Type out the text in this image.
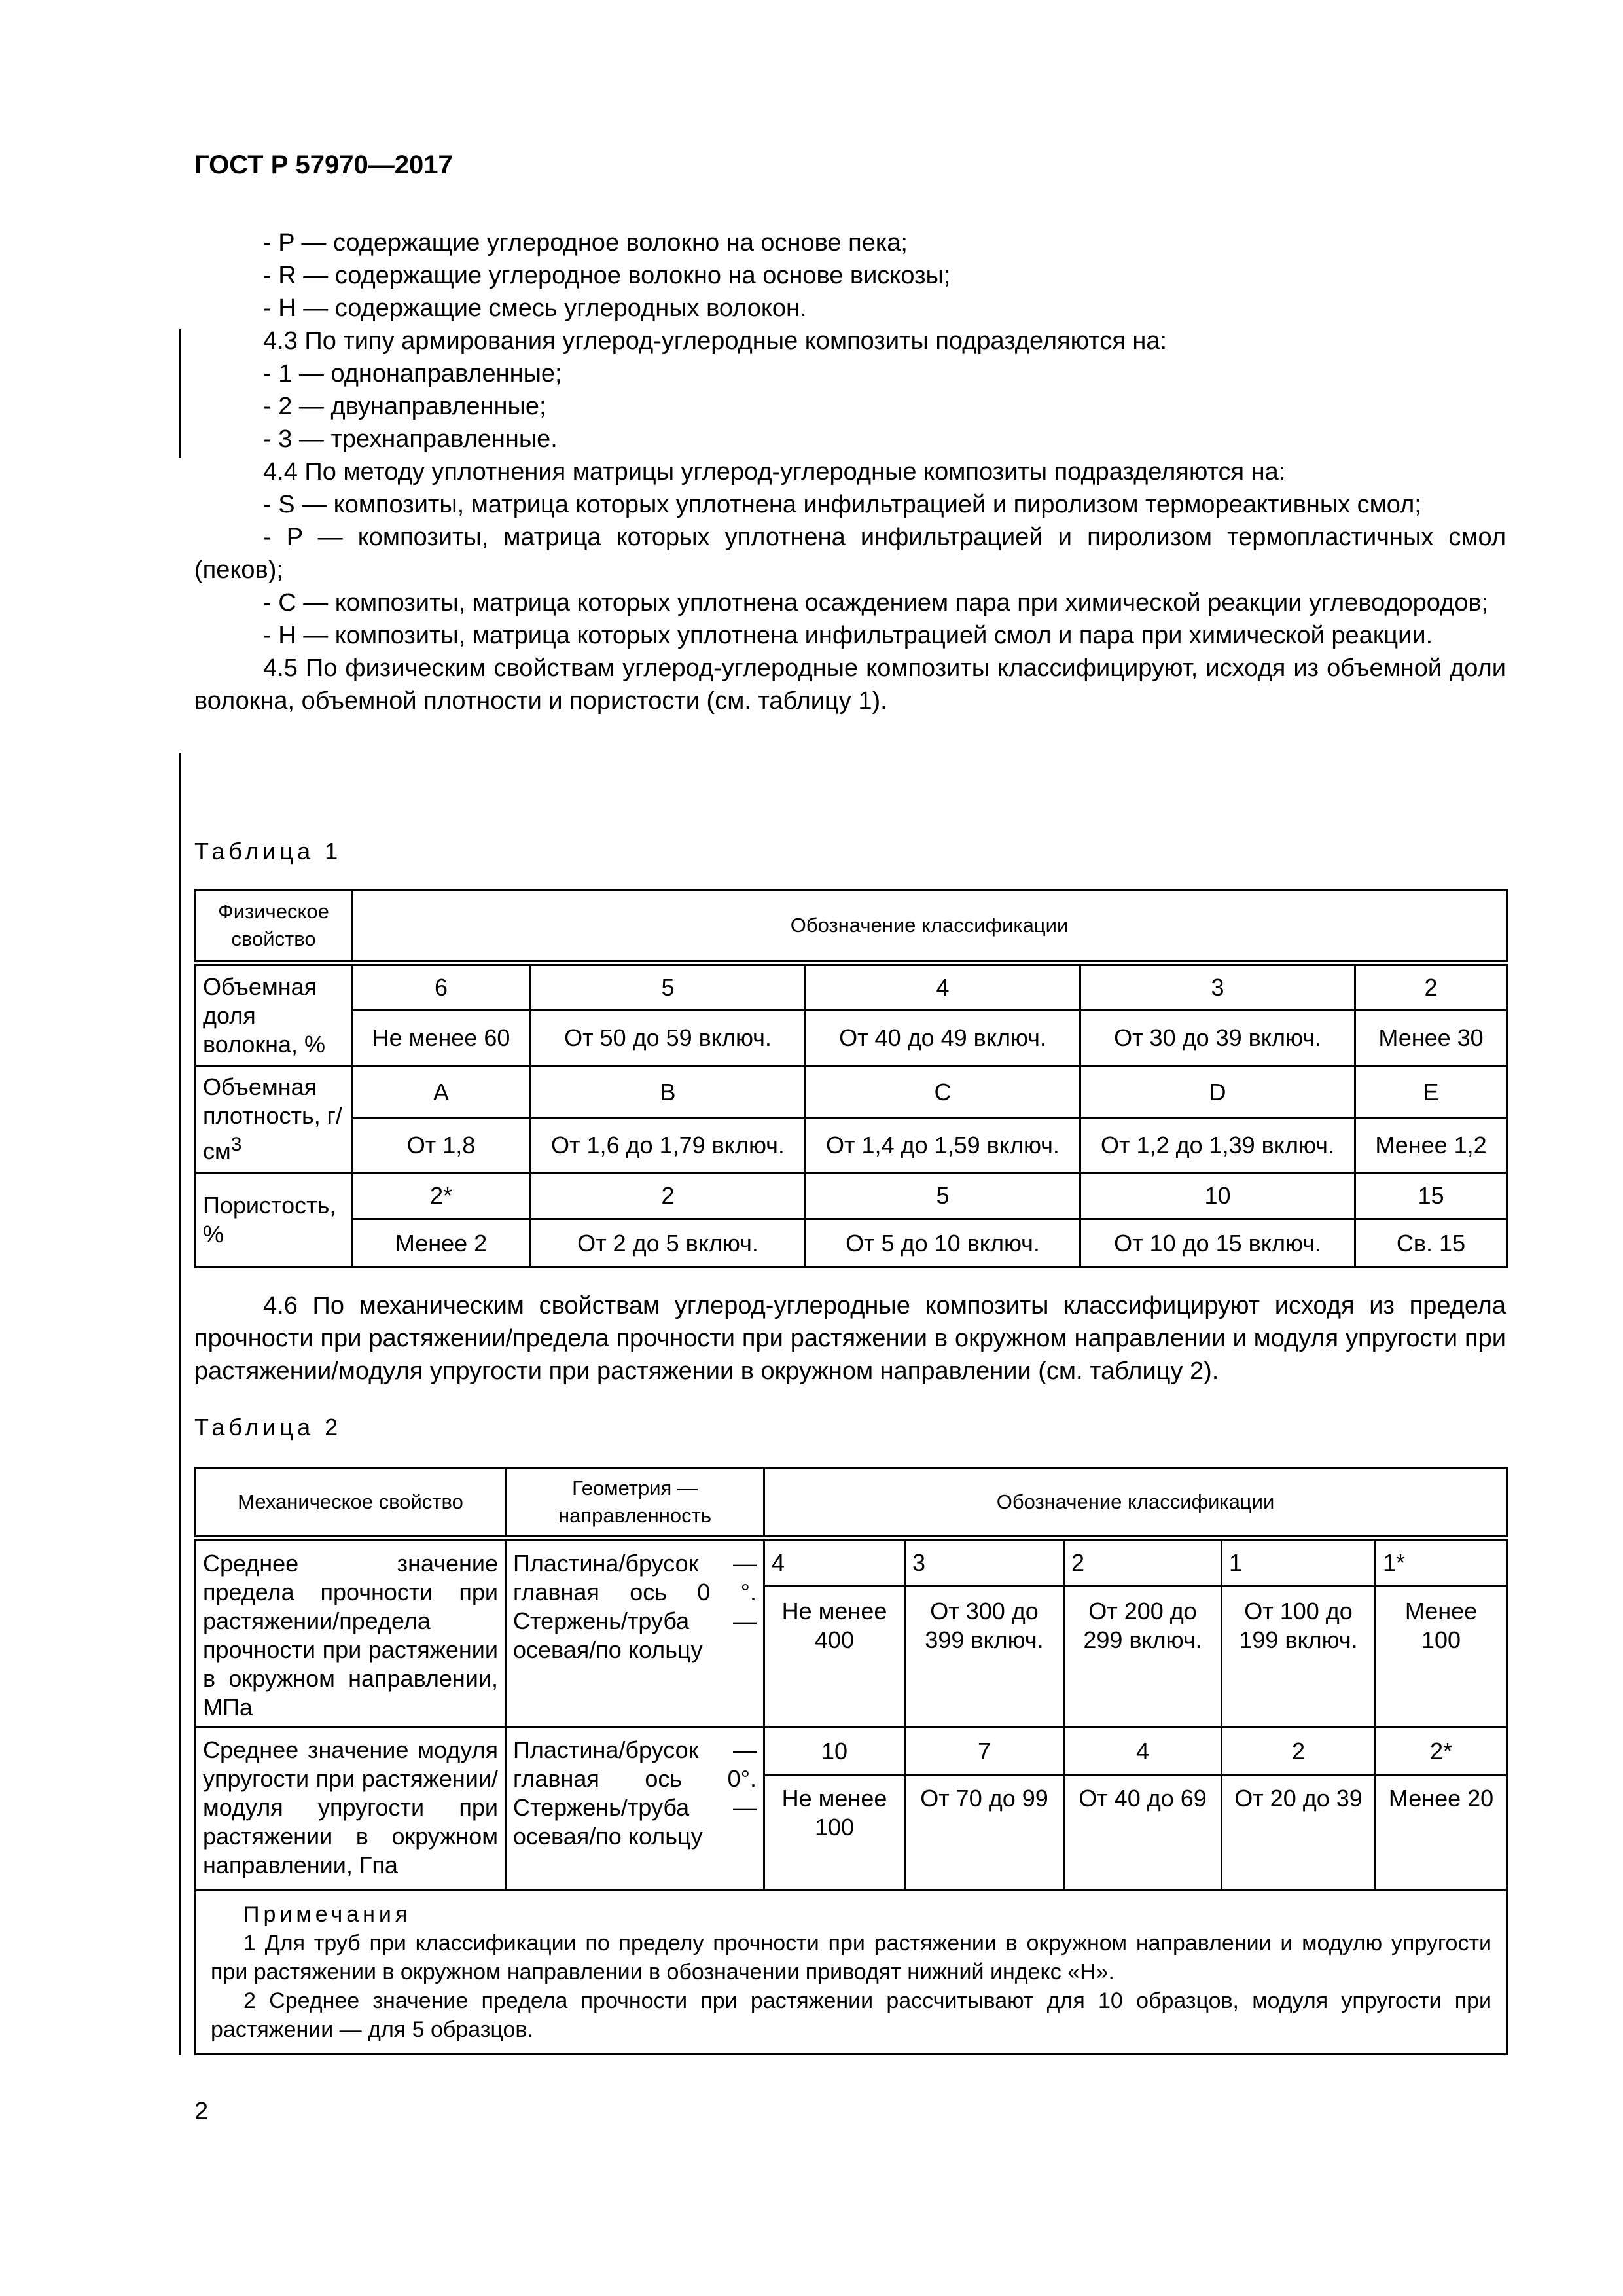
ГОСТ Р 57970—2017

- P — содержащие углеродное волокно на основе пека;

- R — содержащие углеродное волокно на основе вискозы;

- H — содержащие смесь углеродных волокон.

4.3 По типу армирования углерод-углеродные композиты подразделяются на:

- 1 — однонаправленные;

- 2 — двунаправленные;

- 3 — трехнаправленные.

4.4 По методу уплотнения матрицы углерод-углеродные композиты подразделяются на:

- S — композиты, матрица которых уплотнена инфильтрацией и пиролизом термореактивных смол;

- P — композиты, матрица которых уплотнена инфильтрацией и пиролизом термопластичных смол (пеков);

- C — композиты, матрица которых уплотнена осаждением пара при химической реакции углеводородов;

- H — композиты, матрица которых уплотнена инфильтрацией смол и пара при химической реакции.

4.5 По физическим свойствам углерод-углеродные композиты классифицируют, исходя из объемной доли волокна, объемной плотности и пористости (см. таблицу 1).

Таблица 1
Физическое свойство	Обозначение классификации				
Объемная доля волокна, %	6	5	4	3	2
	Не менее 60	От 50 до 59 включ.	От 40 до 49 включ.	От 30 до 39 включ.	Менее 30
Объемная плотность, $г/см^3$	A	B	C	D	E
	От 1,8	От 1,6 до 1,79 включ.	От 1,4 до 1,59 включ.	От 1,2 до 1,39 включ.	Менее 1,2
Пористость, %	2*	2	5	10	15
	Менее 2	От 2 до 5 включ.	От 5 до 10 включ.	От 10 до 15 включ.	Св. 15

4.6 По механическим свойствам углерод-углеродные композиты классифицируют исходя из предела прочности при растяжении/предела прочности при растяжении в окружном направлении и модуля упругости при растяжении/модуля упругости при растяжении в окружном направлении (см. таблицу 2).

Таблица 2
Механическое свойство	Геометрия — направленность	Обозначение классификации				
Среднее значение предела прочности при растяжении/предела прочности при растяжении в окружном направлении, МПа	Пластина/брусок — главная ось 0 °. Стержень/труба — осевая/по кольцу	4	3	2	1	1*
		Не менее 400	От 300 до 399 включ.	От 200 до 299 включ.	От 100 до 199 включ.	Менее 100
Среднее значение модуля упругости при растяжении/модуля упругости при растяжении в окружном направлении, Гпа	Пластина/брусок — главная ось 0°. Стержень/труба — осевая/по кольцу	10	7	4	2	2*
		Не менее 100	От 70 до 99	От 40 до 69	От 20 до 39	Менее 20

Примечания

1 Для труб при классификации по пределу прочности при растяжении в окружном направлении и модулю упругости при растяжении в окружном направлении в обозначении приводят нижний индекс «Н».

2 Среднее значение предела прочности при растяжении рассчитывают для 10 образцов, модуля упругости при растяжении — для 5 образцов.						

2
